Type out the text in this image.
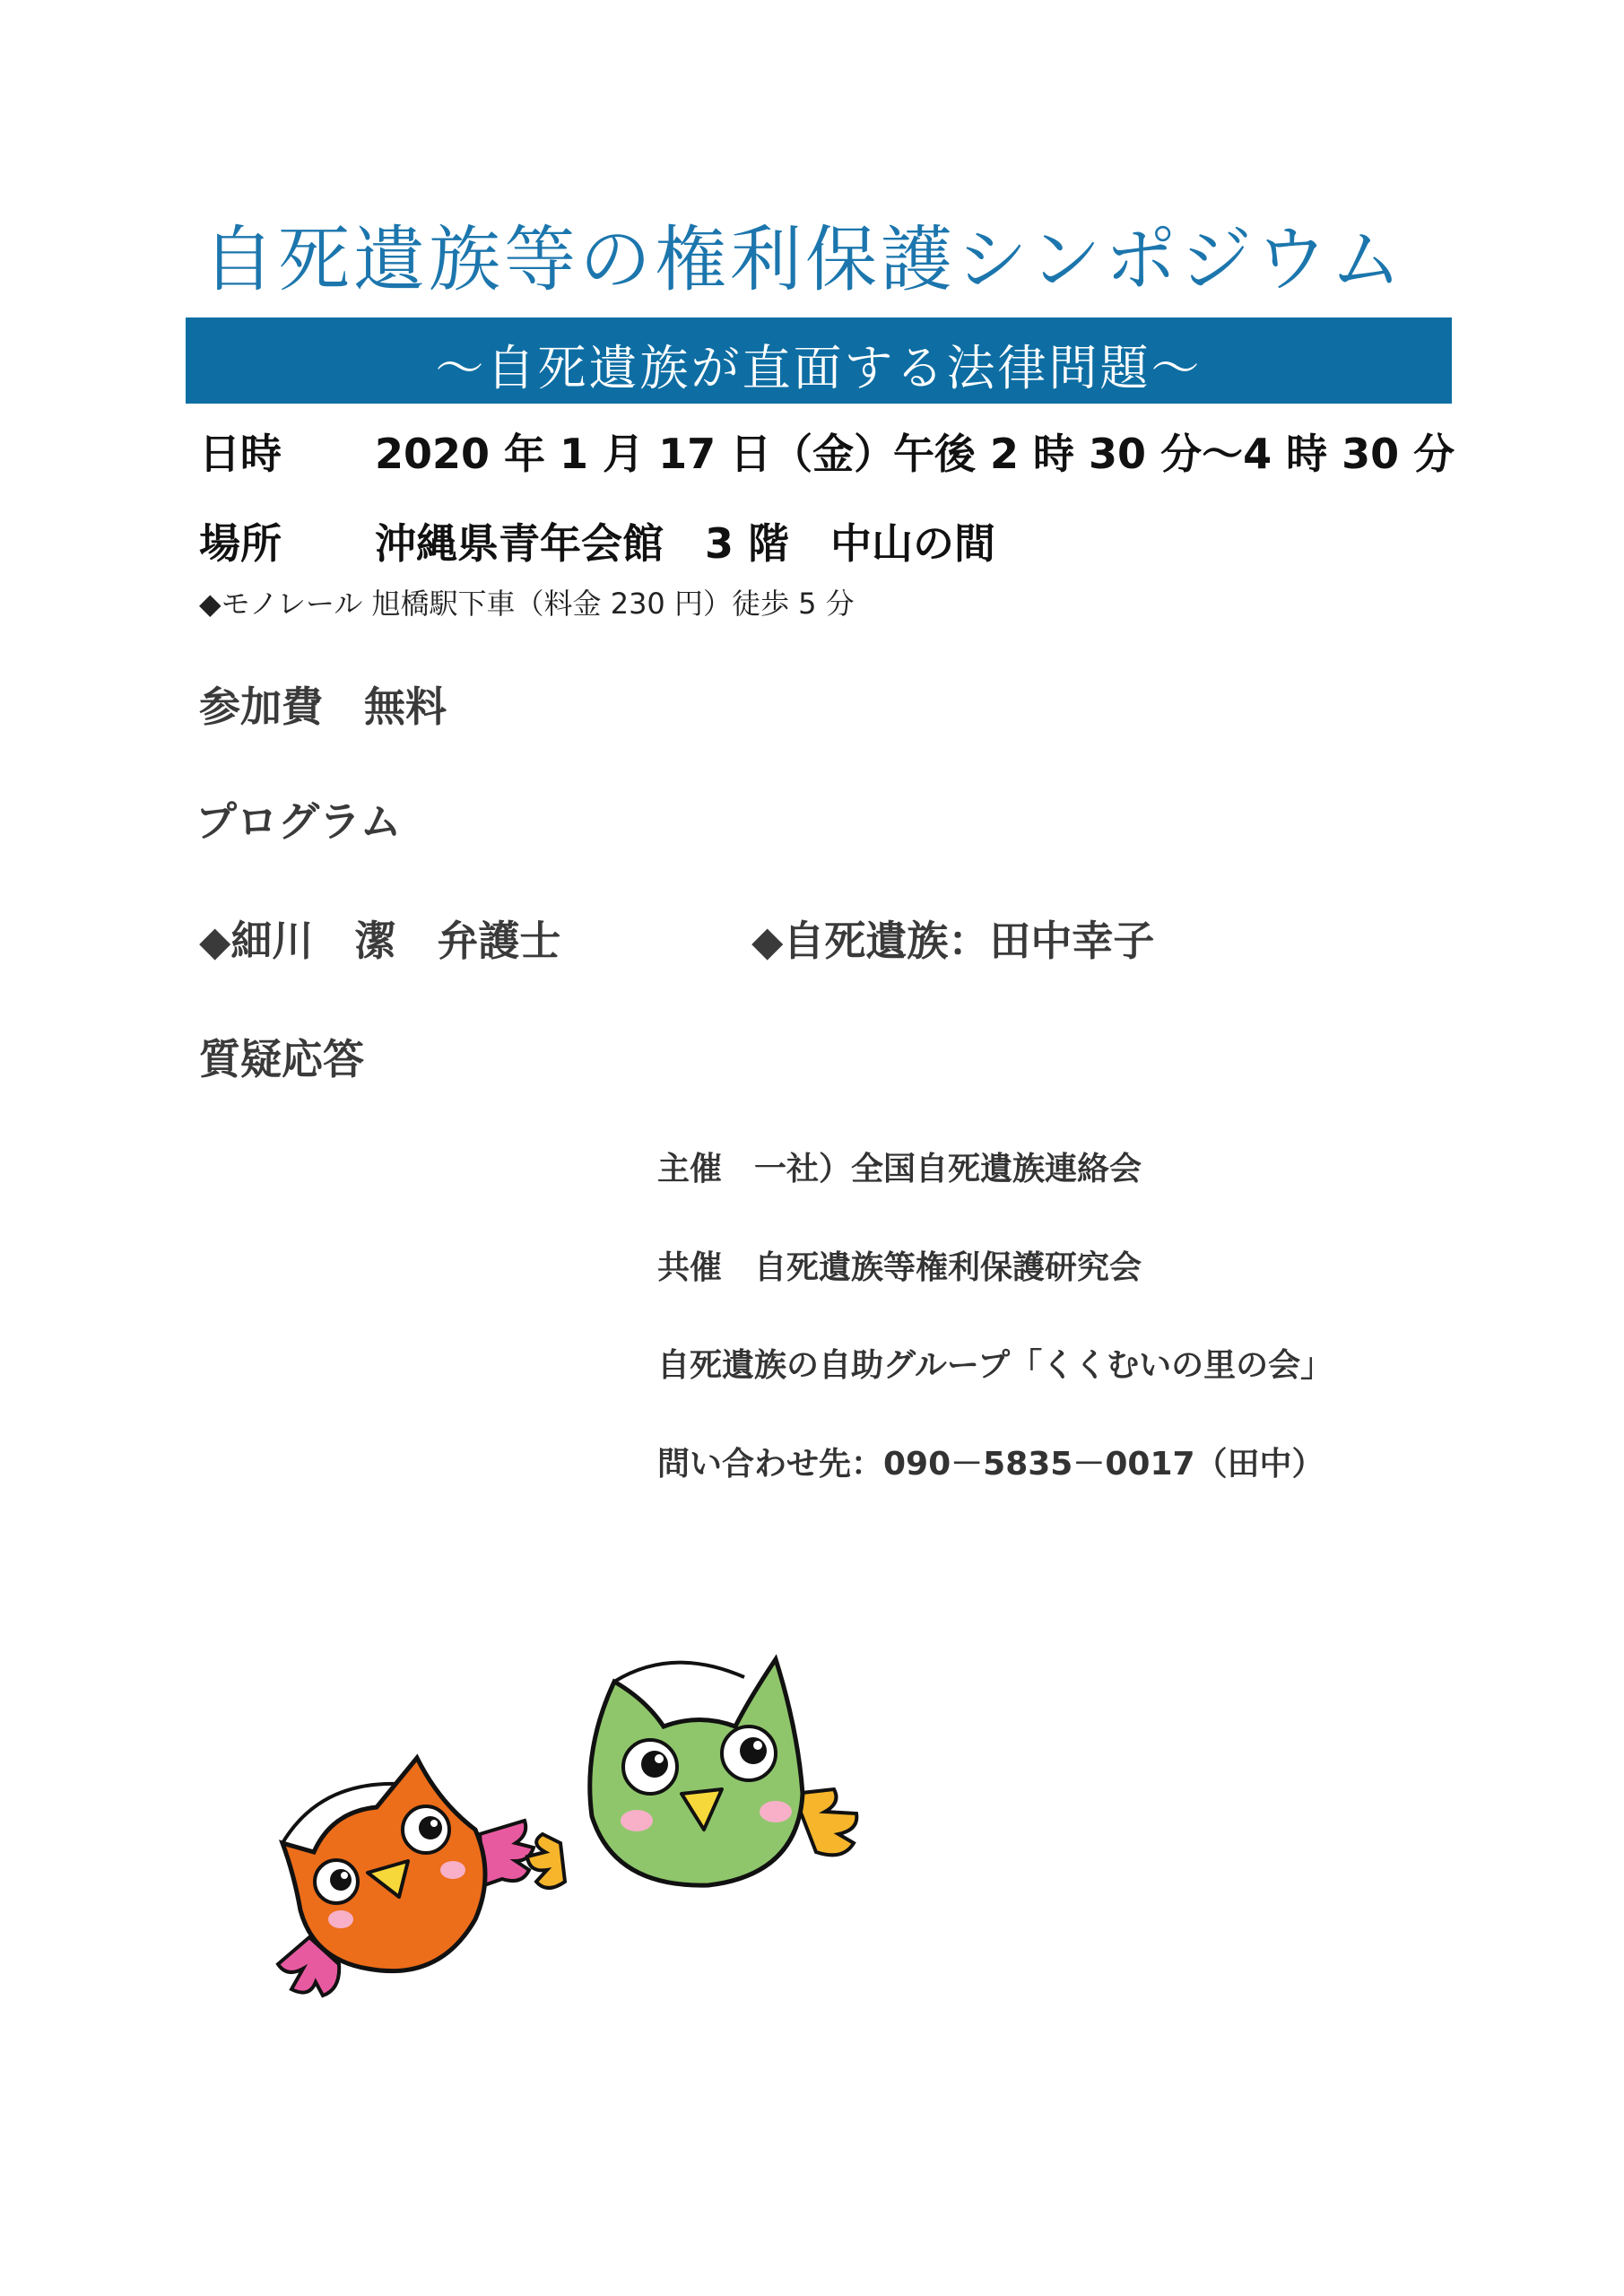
自死遺族等の権利保護シンポジウム
～自死遺族が直面する法律問題～
日時 2020 年 1 月 17 日（金）
午後 2 時 30 分～4 時 30 分
場所 沖縄県青年会館　3 階　中山の間
◆モノレール 旭橋駅下車（料金 230 円）徒歩 5 分
参加費　無料
プログラム
◆細川　潔　弁護士	◆自死遺族：田中幸子
質疑応答
主催　一社）全国自死遺族連絡会
共催　自死遺族等権利保護研究会
自死遺族の自助グループ「くくむいの里の会」
問い合わせ先：090－5835－0017（田中）
